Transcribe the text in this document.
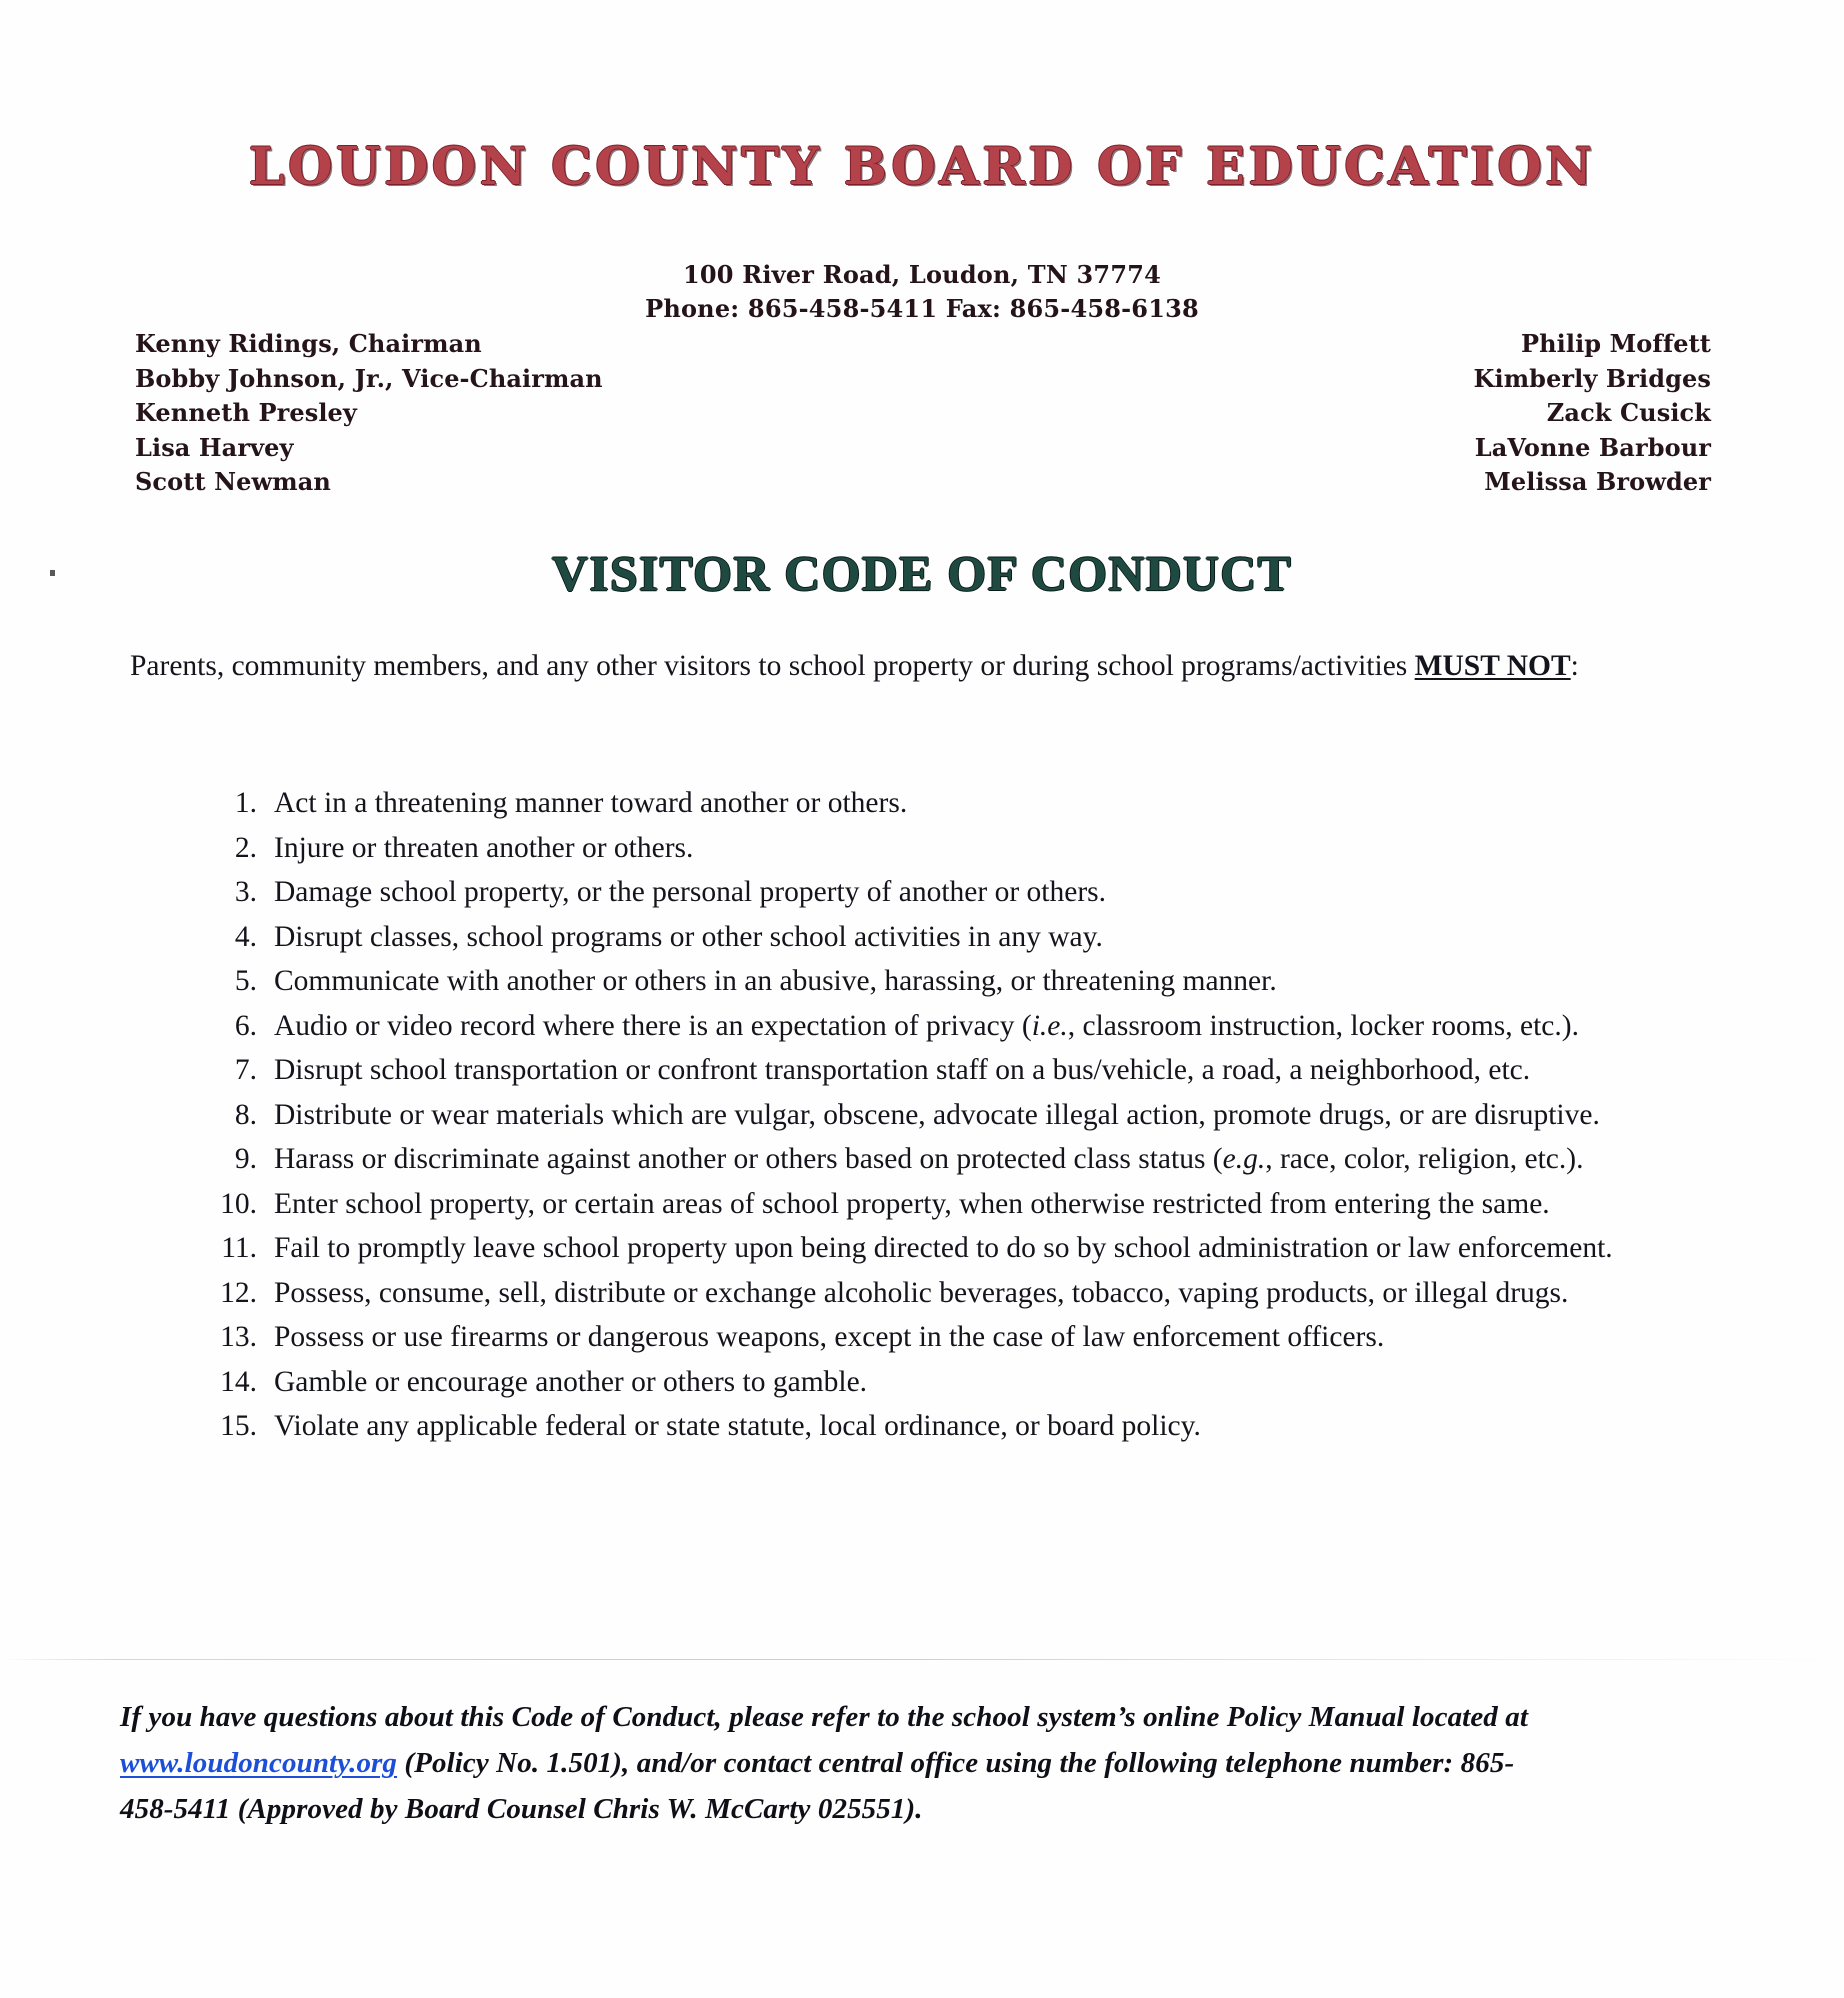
LOUDON COUNTY BOARD OF EDUCATION
100 River Road, Loudon, TN 37774
Phone: 865-458-5411 Fax: 865-458-6138
Kenny Ridings, Chairman
Bobby Johnson, Jr., Vice-Chairman
Kenneth Presley
Lisa Harvey
Scott Newman
Philip Moffett
Kimberly Bridges
Zack Cusick
LaVonne Barbour
Melissa Browder
VISITOR CODE OF CONDUCT
Parents, community members, and any other visitors to school property or during school programs/activities MUST NOT:
1. Act in a threatening manner toward another or others.
2. Injure or threaten another or others.
3. Damage school property, or the personal property of another or others.
4. Disrupt classes, school programs or other school activities in any way.
5. Communicate with another or others in an abusive, harassing, or threatening manner.
6. Audio or video record where there is an expectation of privacy (i.e., classroom instruction, locker rooms, etc.).
7. Disrupt school transportation or confront transportation staff on a bus/vehicle, a road, a neighborhood, etc.
8. Distribute or wear materials which are vulgar, obscene, advocate illegal action, promote drugs, or are disruptive.
9. Harass or discriminate against another or others based on protected class status (e.g., race, color, religion, etc.).
10. Enter school property, or certain areas of school property, when otherwise restricted from entering the same.
11. Fail to promptly leave school property upon being directed to do so by school administration or law enforcement.
12. Possess, consume, sell, distribute or exchange alcoholic beverages, tobacco, vaping products, or illegal drugs.
13. Possess or use firearms or dangerous weapons, except in the case of law enforcement officers.
14. Gamble or encourage another or others to gamble.
15. Violate any applicable federal or state statute, local ordinance, or board policy.
If you have questions about this Code of Conduct, please refer to the school system’s online Policy Manual located at www.loudoncounty.org (Policy No. 1.501), and/or contact central office using the following telephone number: 865-458-5411 (Approved by Board Counsel Chris W. McCarty 025551).
